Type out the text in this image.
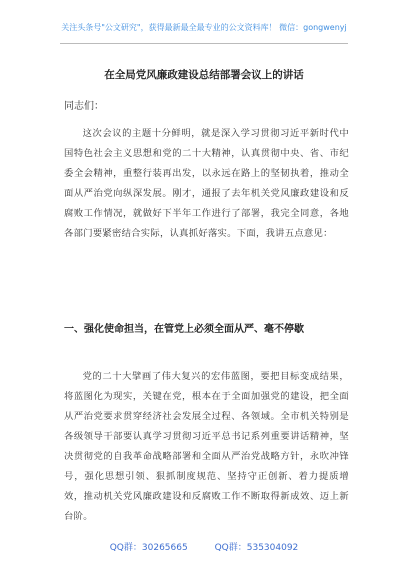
关注头条号"公文研究"，获得最新最全最专业的公文资料库！ 微信：gongwenyj
在全局党风廉政建设总结部署会议上的讲话
同志们：
这次会议的主题十分鲜明，就是深入学习贯彻习近平新时代中国特色社会主义思想和党的二十大精神，认真贯彻中央、省、市纪委全会精神，重整行装再出发，以永远在路上的坚韧执着，推动全面从严治党向纵深发展。刚才，通报了去年机关党风廉政建设和反腐败工作情况，就做好下半年工作进行了部署，我完全同意，各地各部门要紧密结合实际，认真抓好落实。下面，我讲五点意见：
一、强化使命担当，在管党上必须全面从严、毫不停歇
党的二十大擘画了伟大复兴的宏伟蓝图，要把目标变成结果，将蓝图化为现实，关键在党，根本在于全面加强党的建设，把全面从严治党要求贯穿经济社会发展全过程、各领域。全市机关特别是各级领导干部要认真学习贯彻习近平总书记系列重要讲话精神，坚决贯彻党的自我革命战略部署和全面从严治党战略方针，永吹冲锋号，强化思想引领、狠抓制度规范、坚持守正创新、着力提质增效，推动机关党风廉政建设和反腐败工作不断取得新成效、迈上新台阶。
QQ群：30265665	QQ群：535304092
